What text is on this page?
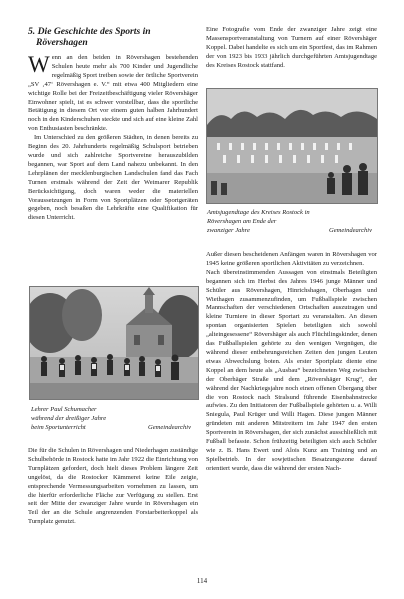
5. Die Geschichte des Sports in
Rövershagen

Wenn an den beiden in Rövershagen bestehenden Schulen heute mehr als 700 Kinder und Jugendliche regelmäßig Sport treiben sowie der örtliche Sportverein „SV ‚47‘ Rövershagen e. V.“ mit etwa 400 Mitgliedern eine wichtige Rolle bei der Freizeitbeschäftigung vieler Rövershäger Einwohner spielt, ist es schwer vorstellbar, dass die sportliche Betätigung in diesem Ort vor einem guten halben Jahrhundert noch in den Kinderschuhen steckte und sich auf eine kleine Zahl von Enthusiasten beschränkte.

Im Unterschied zu den größeren Städten, in denen bereits zu Beginn des 20. Jahrhunderts regelmäßig Schulsport betrieben wurde und sich zahlreiche Sportvereine herauszubilden begannen, war Sport auf dem Land nahezu unbekannt. In den Lehrplänen der mecklenburgischen Landschulen fand das Fach Turnen erstmals während der Zeit der Weimarer Republik Berücksichtigung, doch waren weder die materiellen Voraussetzungen in Form von Sportplätzen oder Sportgeräten gegeben, noch besaßen die Lehrkräfte eine Qualifikation für diesen Unterricht.

Lehrer Paul Schumacher
während der dreißiger Jahre
beim Sportunterricht	Gemeindearchiv

Die für die Schulen in Rövershagen und Niederhagen zuständige Schulbehörde in Rostock hatte im Jahr 1922 die Einrichtung von Turnplätzen gefordert, doch hielt dieses Problem längere Zeit ungelöst, da die Rostocker Kämmerei keine Eile zeigte, entsprechende Vermessungsarbeiten vornehmen zu lassen, um die hierfür erforderliche Fläche zur Verfügung zu stellen. Erst seit der Mitte der zwanziger Jahre wurde in Rövershagen ein Teil der an die Schule angrenzenden Forstarbeiterkoppel als Turnplatz genutzt.

Eine Fotografie vom Ende der zwanziger Jahre zeigt eine Massensportveranstaltung von Turnern auf einer Rövershäger Koppel. Dabei handelte es sich um ein Sportfest, das im Rahmen der von 1923 bis 1933 jährlich durchgeführten Amtsjugendtage des Kreises Rostock stattfand.

Amtsjugendtage des Kreises Rostock in
Rövershagen am Ende der
zwanziger Jahre	Gemeindearchiv

Außer diesen bescheidenen Anfängen waren in Rövershagen vor 1945 keine größeren sportlichen Aktivitäten zu verzeichnen.

Nach übereinstimmenden Aussagen von einstmals Beteiligten begannen sich im Herbst des Jahres 1946 junge Männer und Schüler aus Rövershagen, Hinrichshagen, Oberhagen und Wiethagen zusammenzufinden, um Fußballspiele zwischen Mannschaften der verschiedenen Ortschaften auszutragen und kleine Turniere in dieser Sportart zu veranstalten. An diesen spontan organisierten Spielen beteiligten sich sowohl „alteingesessene“ Rövershäger als auch Flüchtlingskinder, denen das Fußballspielen gehörte zu den wenigen Vergnügen, die während dieser entbehrungsreichen Zeiten den jungen Leuten etwas Abwechslung boten. Als erster Sportplatz diente eine Koppel an dem heute als „Ausbau“ bezeichneten Weg zwischen der Oberhäger Straße und dem „Rövershäger Krug“, der während der Nachkriegsjahre noch einen offenen Übergang über die von Rostock nach Stralsund führende Eisenbahnstrecke aufwies. Zu den Initiatoren der Fußballspiele gehörten u. a. Willi Sniegula, Paul Krüger und Willi Hagen. Diese jungen Männer gründeten mit anderen Mitstreitern im Jahr 1947 den ersten Sportverein in Rövershagen, der sich zunächst ausschließlich mit Fußball befasste. Schon frühzeitig beteiligten sich auch Schüler wie z. B. Hans Ewert und Alois Kunz am Training und an Spielbetrieb. In der sowjetischen Besatzungszone darauf orientiert wurde, dass die während der ersten Nach-

114
